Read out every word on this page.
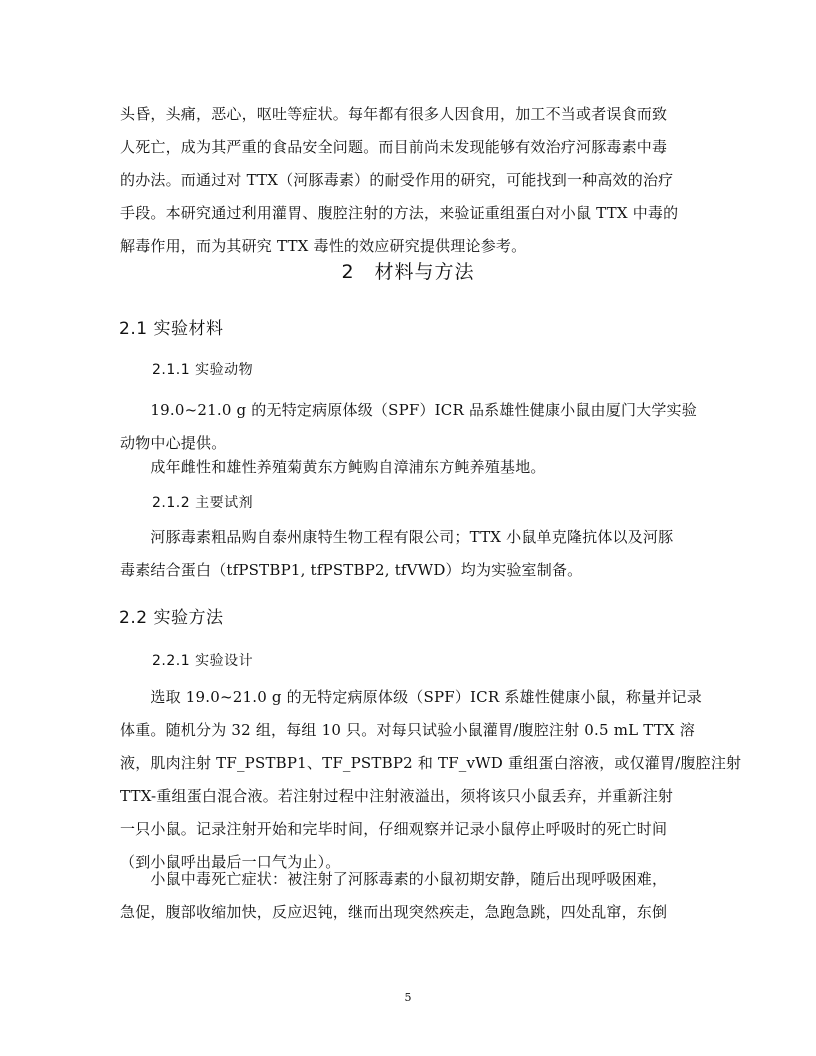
头昏，头痛，恶心，呕吐等症状。每年都有很多人因食用，加工不当或者误食而致
人死亡，成为其严重的食品安全问题。而目前尚未发现能够有效治疗河豚毒素中毒
的办法。而通过对 TTX（河豚毒素）的耐受作用的研究，可能找到一种高效的治疗
手段。本研究通过利用灌胃、腹腔注射的方法，来验证重组蛋白对小鼠 TTX 中毒的
解毒作用，而为其研究 TTX 毒性的效应研究提供理论参考。
2　材料与方法
2.1 实验材料
2.1.1 实验动物
　　19.0~21.0 g 的无特定病原体级（SPF）ICR 品系雄性健康小鼠由厦门大学实验
动物中心提供。
　　成年雌性和雄性养殖菊黄东方鲀购自漳浦东方鲀养殖基地。
2.1.2 主要试剂
　　河豚毒素粗品购自泰州康特生物工程有限公司；TTX 小鼠单克隆抗体以及河豚
毒素结合蛋白（tfPSTBP1, tfPSTBP2, tfVWD）均为实验室制备。
2.2 实验方法
2.2.1 实验设计
　　选取 19.0~21.0 g 的无特定病原体级（SPF）ICR 系雄性健康小鼠，称量并记录
体重。随机分为 32 组，每组 10 只。对每只试验小鼠灌胃/腹腔注射 0.5 mL TTX 溶
液，肌肉注射 TF_PSTBP1、TF_PSTBP2 和 TF_vWD 重组蛋白溶液，或仅灌胃/腹腔注射
TTX-重组蛋白混合液。若注射过程中注射液溢出，须将该只小鼠丢弃，并重新注射
一只小鼠。记录注射开始和完毕时间，仔细观察并记录小鼠停止呼吸时的死亡时间
（到小鼠呼出最后一口气为止）。
　　小鼠中毒死亡症状：被注射了河豚毒素的小鼠初期安静，随后出现呼吸困难，
急促，腹部收缩加快，反应迟钝，继而出现突然疾走，急跑急跳，四处乱窜，东倒
5
